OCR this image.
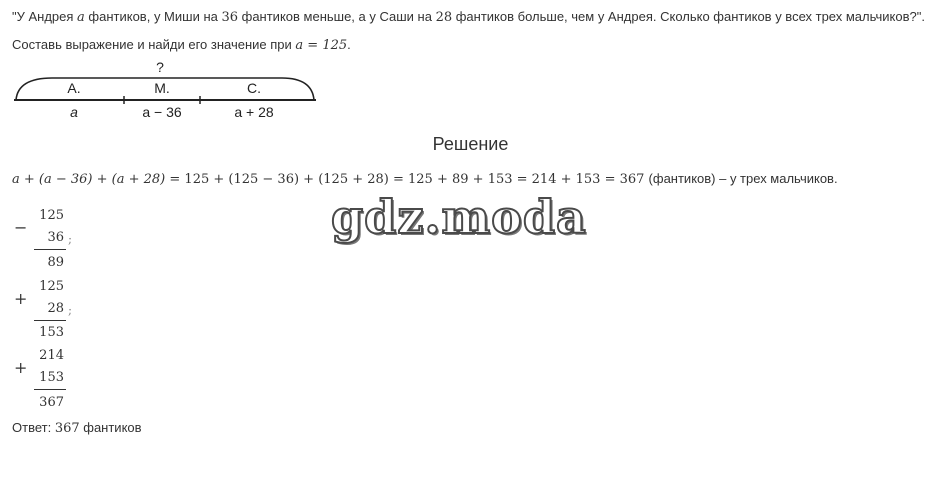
"У Андрея a фантиков, у Миши на 36 фантиков меньше, а у Саши на 28 фантиков больше, чем у Андрея. Сколько фантиков у всех трех мальчиков?".
Составь выражение и найди его значение при a = 125.
?
А.	М.	С.
a	a − 36	a + 28
Решение
a + (a − 36) + (a + 28) = 125 + (125 − 36) + (125 + 28) = 125 + 89 + 153 = 214 + 153 = 367 (фантиков) – у трех мальчиков.
gdz.moda
−
125
36 ;
89
+
125
28 ;
153
+
214
153
367
Ответ: 367 фантиков
